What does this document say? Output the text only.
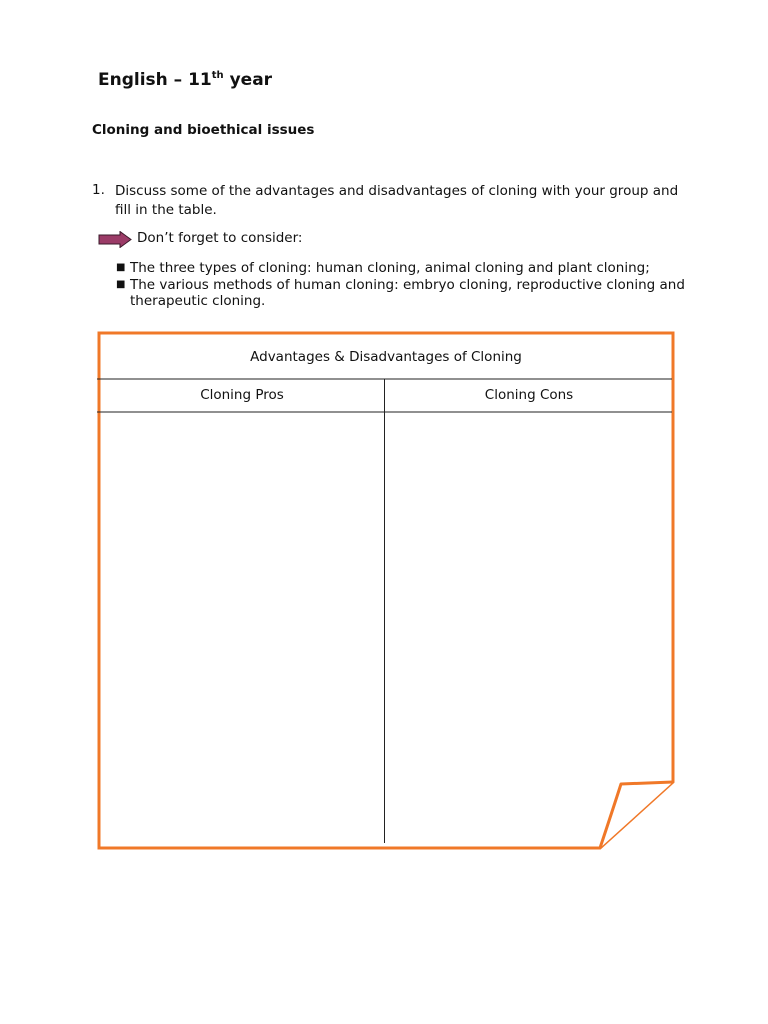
English – 11th year
Cloning and bioethical issues
1. Discuss some of the advantages and disadvantages of cloning with your group and fill in the table.
Don’t forget to consider:
■ The three types of cloning: human cloning, animal cloning and plant cloning;
■ The various methods of human cloning: embryo cloning, reproductive cloning and therapeutic cloning.
Advantages & Disadvantages of Cloning
Cloning Pros	Cloning Cons
